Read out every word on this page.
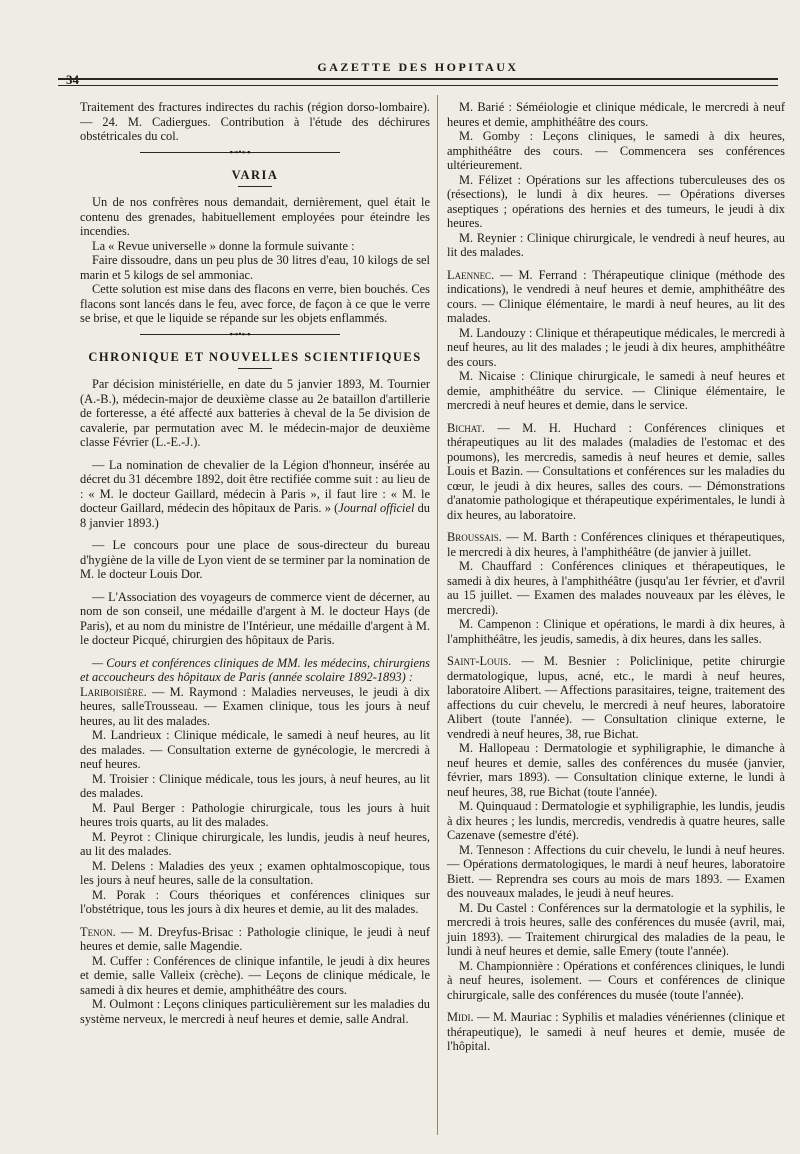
34
GAZETTE DES HOPITAUX

Traitement des fractures indirectes du rachis (région dorso-lombaire). — 24. M. Cadiergues. Contribution à l'étude des déchirures obstétricales du col.

⊷•⊶
VARIA

Un de nos confrères nous demandait, dernièrement, quel était le contenu des grenades, habituellement employées pour éteindre les incendies.

La « Revue universelle » donne la formule suivante :

Faire dissoudre, dans un peu plus de 30 litres d'eau, 10 kilogs de sel marin et 5 kilogs de sel ammoniac.

Cette solution est mise dans des flacons en verre, bien bouchés. Ces flacons sont lancés dans le feu, avec force, de façon à ce que le verre se brise, et que le liquide se répande sur les objets enflammés.

⊷•⊶
CHRONIQUE ET NOUVELLES SCIENTIFIQUES

Par décision ministérielle, en date du 5 janvier 1893, M. Tournier (A.-B.), médecin-major de deuxième classe au 2e bataillon d'artillerie de forteresse, a été affecté aux batteries à cheval de la 5e division de cavalerie, par permutation avec M. le médecin-major de deuxième classe Février (L.-E.-J.).

— La nomination de chevalier de la Légion d'honneur, insérée au décret du 31 décembre 1892, doit être rectifiée comme suit : au lieu de : « M. le docteur Gaillard, médecin à Paris », il faut lire : « M. le docteur Gaillard, médecin des hôpitaux de Paris. » (Journal officiel du 8 janvier 1893.)

— Le concours pour une place de sous-directeur du bureau d'hygiène de la ville de Lyon vient de se terminer par la nomination de M. le docteur Louis Dor.

— L'Association des voyageurs de commerce vient de décerner, au nom de son conseil, une médaille d'argent à M. le docteur Hays (de Paris), et au nom du ministre de l'Intérieur, une médaille d'argent à M. le docteur Picqué, chirurgien des hôpitaux de Paris.

— Cours et conférences cliniques de MM. les médecins, chirurgiens et accoucheurs des hôpitaux de Paris (année scolaire 1892-1893) :

Lariboisière. — M. Raymond : Maladies nerveuses, le jeudi à dix heures, salleTrousseau. — Examen clinique, tous les jours à neuf heures, au lit des malades.

M. Landrieux : Clinique médicale, le samedi à neuf heures, au lit des malades. — Consultation externe de gynécologie, le mercredi à neuf heures.

M. Troisier : Clinique médicale, tous les jours, à neuf heures, au lit des malades.

M. Paul Berger : Pathologie chirurgicale, tous les jours à huit heures trois quarts, au lit des malades.

M. Peyrot : Clinique chirurgicale, les lundis, jeudis à neuf heures, au lit des malades.

M. Delens : Maladies des yeux ; examen ophtalmoscopique, tous les jours à neuf heures, salle de la consultation.

M. Porak : Cours théoriques et conférences cliniques sur l'obstétrique, tous les jours à dix heures et demie, au lit des malades.

Tenon. — M. Dreyfus-Brisac : Pathologie clinique, le jeudi à neuf heures et demie, salle Magendie.

M. Cuffer : Conférences de clinique infantile, le jeudi à dix heures et demie, salle Valleix (crèche). — Leçons de clinique médicale, le samedi à dix heures et demie, amphithéâtre des cours.

M. Oulmont : Leçons cliniques particulièrement sur les maladies du système nerveux, le mercredi à neuf heures et demie, salle Andral.

M. Barié : Séméiologie et clinique médicale, le mercredi à neuf heures et demie, amphithéâtre des cours.

M. Gomby : Leçons cliniques, le samedi à dix heures, amphithéâtre des cours. — Commencera ses conférences ultérieurement.

M. Félizet : Opérations sur les affections tuberculeuses des os (résections), le lundi à dix heures. — Opérations diverses aseptiques ; opérations des hernies et des tumeurs, le jeudi à dix heures.

M. Reynier : Clinique chirurgicale, le vendredi à neuf heures, au lit des malades.

Laennec. — M. Ferrand : Thérapeutique clinique (méthode des indications), le vendredi à neuf heures et demie, amphithéâtre des cours. — Clinique élémentaire, le mardi à neuf heures, au lit des malades.

M. Landouzy : Clinique et thérapeutique médicales, le mercredi à neuf heures, au lit des malades ; le jeudi à dix heures, amphithéâtre des cours.

M. Nicaise : Clinique chirurgicale, le samedi à neuf heures et demie, amphithéâtre du service. — Clinique élémentaire, le mercredi à neuf heures et demie, dans le service.

Bichat. — M. H. Huchard : Conférences cliniques et thérapeutiques au lit des malades (maladies de l'estomac et des poumons), les mercredis, samedis à neuf heures et demie, salles Louis et Bazin. — Consultations et conférences sur les maladies du cœur, le jeudi à dix heures, salles des cours. — Démonstrations d'anatomie pathologique et thérapeutique expérimentales, le lundi à dix heures, au laboratoire.

Broussais. — M. Barth : Conférences cliniques et thérapeutiques, le mercredi à dix heures, à l'amphithéâtre (de janvier à juillet.

M. Chauffard : Conférences cliniques et thérapeutiques, le samedi à dix heures, à l'amphithéâtre (jusqu'au 1er février, et d'avril au 15 juillet. — Examen des malades nouveaux par les élèves, le mercredi).

M. Campenon : Clinique et opérations, le mardi à dix heures, à l'amphithéâtre, les jeudis, samedis, à dix heures, dans les salles.

Saint-Louis. — M. Besnier : Policlinique, petite chirurgie dermatologique, lupus, acné, etc., le mardi à neuf heures, laboratoire Alibert. — Affections parasitaires, teigne, traitement des affections du cuir chevelu, le mercredi à neuf heures, laboratoire Alibert (toute l'année). — Consultation clinique externe, le vendredi à neuf heures, 38, rue Bichat.

M. Hallopeau : Dermatologie et syphiligraphie, le dimanche à neuf heures et demie, salles des conférences du musée (janvier, février, mars 1893). — Consultation clinique externe, le lundi à neuf heures, 38, rue Bichat (toute l'année).

M. Quinquaud : Dermatologie et syphiligraphie, les lundis, jeudis à dix heures ; les lundis, mercredis, vendredis à quatre heures, salle Cazenave (semestre d'été).

M. Tenneson : Affections du cuir chevelu, le lundi à neuf heures. — Opérations dermatologiques, le mardi à neuf heures, laboratoire Biett. — Reprendra ses cours au mois de mars 1893. — Examen des nouveaux malades, le jeudi à neuf heures.

M. Du Castel : Conférences sur la dermatologie et la syphilis, le mercredi à trois heures, salle des conférences du musée (avril, mai, juin 1893). — Traitement chirurgical des maladies de la peau, le lundi à neuf heures et demie, salle Emery (toute l'année).

M. Championnière : Opérations et conférences cliniques, le lundi à neuf heures, isolement. — Cours et conférences de clinique chirurgicale, salle des conférences du musée (toute l'année).

Midi. — M. Mauriac : Syphilis et maladies vénériennes (clinique et thérapeutique), le samedi à neuf heures et demie, musée de l'hôpital.
